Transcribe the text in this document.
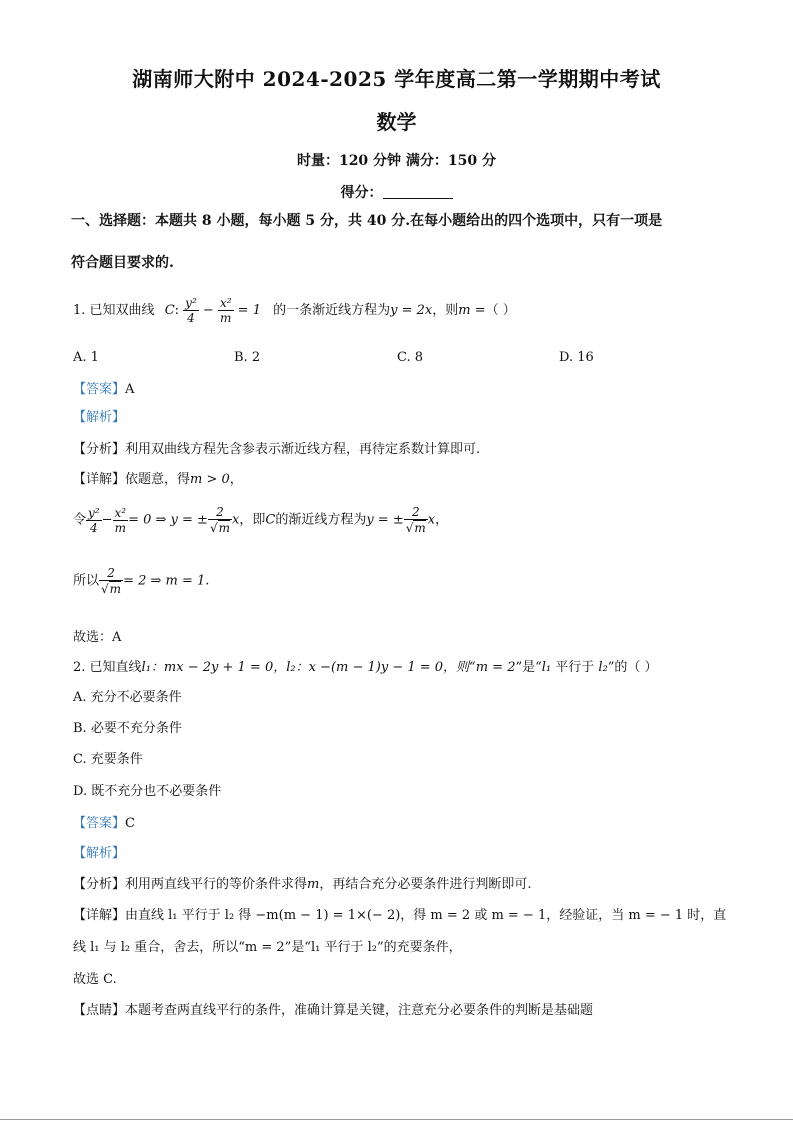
湖南师大附中 2024-2025 学年度高二第一学期期中考试
数学
时量：120 分钟 满分：150 分
得分：
一、选择题：本题共 8 小题，每小题 5 分，共 40 分.在每小题给出的四个选项中，只有一项是
符合题目要求的.
1. 已知双曲线 C: $\frac{\text{y²}}{4} - \frac{\text{x²}}{m} = 1$ 的一条渐近线方程为y = 2x，则m =（ ）
A. 1	B. 2	C. 8	D. 16
【答案】A
【解析】
【分析】利用双曲线方程先含参表示渐近线方程，再待定系数计算即可.
【详解】依题意，得m > 0，
令 $\frac{\text{y²}}{4} - \frac{\text{x²}}{m} = 0$ ⇒ y = ± $\frac{2}{√m}$ x，即C的渐近线方程为y = ± $\frac{2}{√m}$ x，
所以 $\frac{2}{√m} = 2$ ⇒ m = 1.
故选：A
2. 已知直线l₁：mx − 2y + 1 = 0，l₂：x −(m − 1)y − 1 = 0，则“m = 2”是“l₁ 平行于 l₂”的（ ）
A. 充分不必要条件
B. 必要不充分条件
C. 充要条件
D. 既不充分也不必要条件
【答案】C
【解析】
【分析】利用两直线平行的等价条件求得m，再结合充分必要条件进行判断即可.
【详解】由直线 l₁ 平行于 l₂ 得 −m(m − 1) = 1×(− 2)，得 m = 2 或 m = − 1，经验证，当 m = − 1 时，直
线 l₁ 与 l₂ 重合，舍去，所以“m = 2”是“l₁ 平行于 l₂”的充要条件，
故选 C.
【点睛】本题考查两直线平行的条件，准确计算是关键，注意充分必要条件的判断是基础题
